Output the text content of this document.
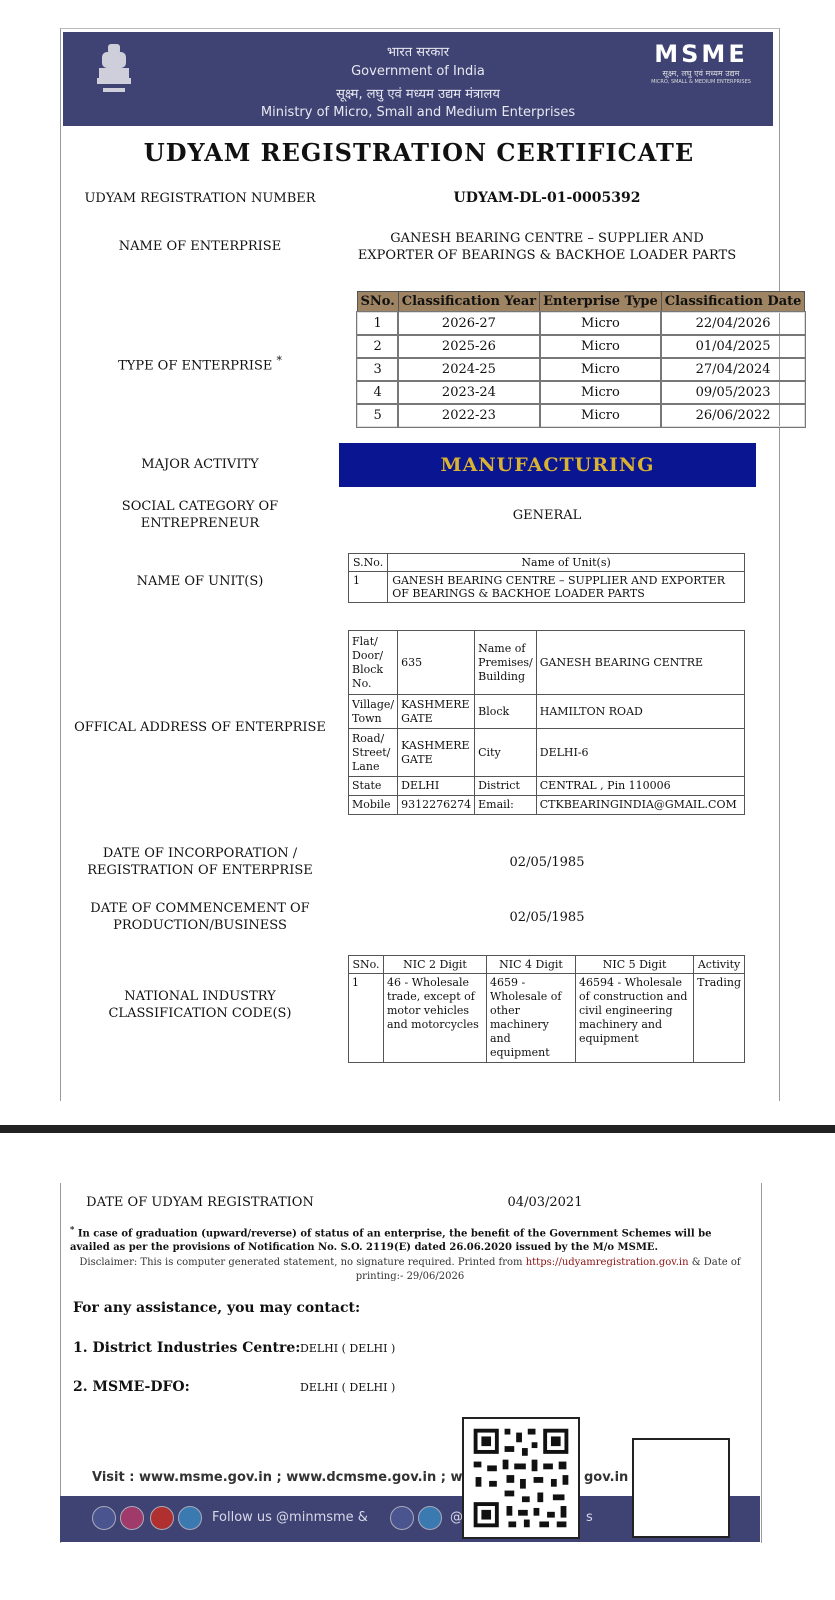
भारत सरकार
Government of India
सूक्ष्म, लघु एवं मध्यम उद्यम मंत्रालय
Ministry of Micro, Small and Medium Enterprises
MSME
सूक्ष्म, लघु एवं मध्यम उद्यम
MICRO, SMALL & MEDIUM ENTERPRISES
UDYAM REGISTRATION CERTIFICATE
UDYAM REGISTRATION NUMBER	UDYAM-DL-01-0005392
NAME OF ENTERPRISE
GANESH BEARING CENTRE – SUPPLIER AND
EXPORTER OF BEARINGS & BACKHOE LOADER PARTS
TYPE OF ENTERPRISE *
SNo.	Classification Year	Enterprise Type	Classification Date
1	2026-27	Micro	22/04/2026
2	2025-26	Micro	01/04/2025
3	2024-25	Micro	27/04/2024
4	2023-24	Micro	09/05/2023
5	2022-23	Micro	26/06/2022
MAJOR ACTIVITY	MANUFACTURING
SOCIAL CATEGORY OF
ENTREPRENEUR
GENERAL
NAME OF UNIT(S)
S.No.	Name of Unit(s)
1	GANESH BEARING CENTRE – SUPPLIER AND EXPORTER OF BEARINGS & BACKHOE LOADER PARTS
OFFICAL ADDRESS OF ENTERPRISE
Flat/ Door/ Block No.	635	Name of Premises/ Building	GANESH BEARING CENTRE
Village/ Town	KASHMERE GATE	Block	HAMILTON ROAD
Road/ Street/ Lane	KASHMERE GATE	City	DELHI-6
State	DELHI	District	CENTRAL , Pin 110006
Mobile	9312276274	Email:	CTKBEARINGINDIA@GMAIL.COM
DATE OF INCORPORATION /
REGISTRATION OF ENTERPRISE
02/05/1985
DATE OF COMMENCEMENT OF
PRODUCTION/BUSINESS
02/05/1985
NATIONAL INDUSTRY
CLASSIFICATION CODE(S)
SNo.	NIC 2 Digit	NIC 4 Digit	NIC 5 Digit	Activity
1	46 - Wholesale trade, except of motor vehicles and motorcycles	4659 - Wholesale of other machinery and equipment	46594 - Wholesale of construction and civil engineering machinery and equipment	Trading
DATE OF UDYAM REGISTRATION	04/03/2021
* In case of graduation (upward/reverse) of status of an enterprise, the benefit of the Government Schemes will be availed as per the provisions of Notification No. S.O. 2119(E) dated 26.06.2020 issued by the M/o MSME.
Disclaimer: This is computer generated statement, no signature required. Printed from https://udyamregistration.gov.in & Date of printing:- 29/06/2026
For any assistance, you may contact:
1. District Industries Centre: DELHI ( DELHI )
2. MSME-DFO:	DELHI ( DELHI )
Visit : www.msme.gov.in ; www.dcmsme.gov.in ; w	gov.in
Follow us @minmsme &	@	s
